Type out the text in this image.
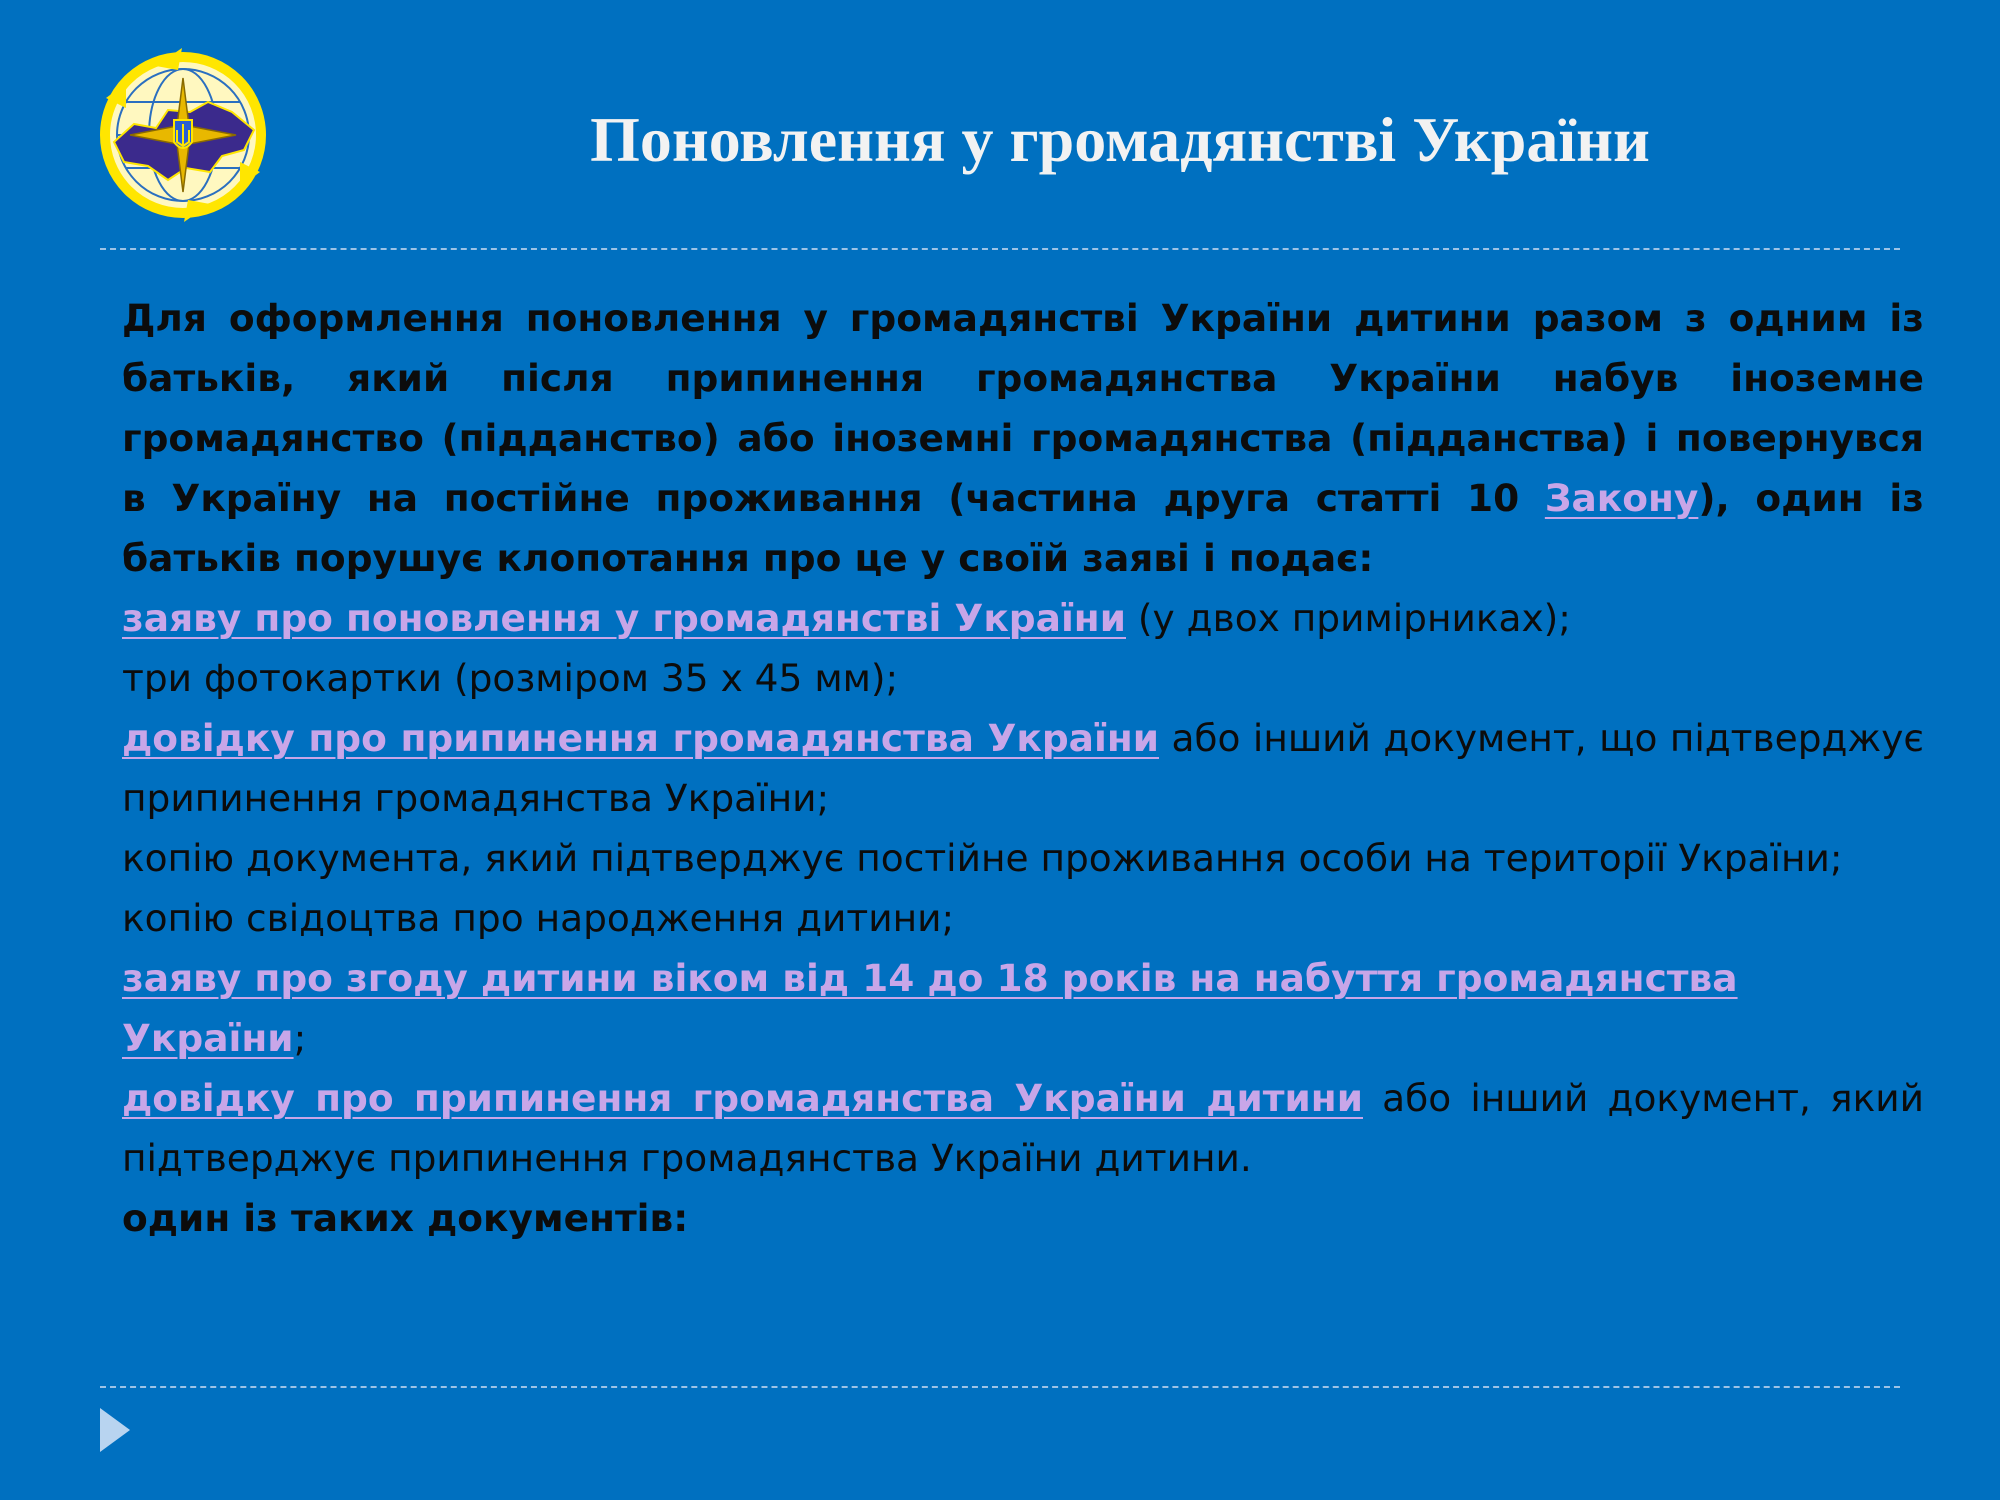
Поновлення у громадянстві України

Для оформлення поновлення у громадянстві України дитини разом з одним із батьків, який після припинення громадянства України набув іноземне громадянство (підданство) або іноземні громадянства (підданства) і повернувся в Україну на постійне проживання (частина друга статті 10 Закону), один із батьків порушує клопотання про це у своїй заяві і подає:

заяву про поновлення у громадянстві України (у двох примірниках);

три фотокартки (розміром 35 х 45 мм);

довідку про припинення громадянства України або інший документ, що підтверджує припинення громадянства України;

копію документа, який підтверджує постійне проживання особи на території України;

копію свідоцтва про народження дитини;

заяву про згоду дитини віком від 14 до 18 років на набуття громадянства України;

довідку про припинення громадянства України дитини або інший документ, який підтверджує припинення громадянства України дитини.

один із таких документів:
